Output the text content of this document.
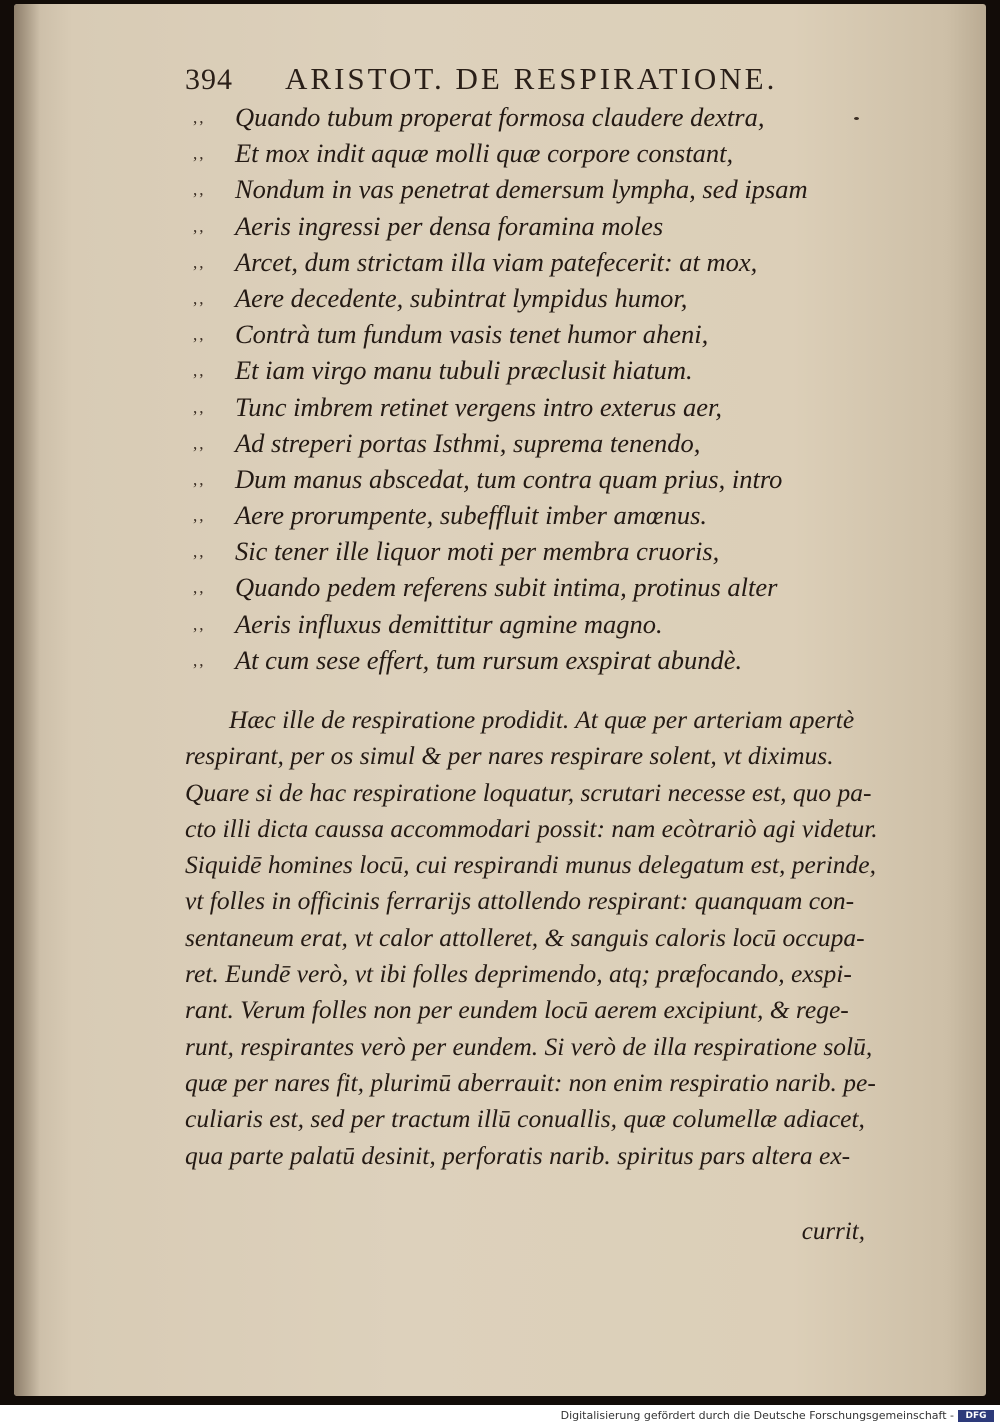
394 ARISTOT. DE RESPIRATIONE.
,, Quando tubum properat formosa claudere dextra,
,, Et mox indit aquæ molli quæ corpore constant,
,, Nondum in vas penetrat demersum lympha, sed ipsam
,, Aeris ingressi per densa foramina moles
,, Arcet, dum strictam illa viam patefecerit: at mox,
,, Aere decedente, subintrat lympidus humor,
,, Contrà tum fundum vasis tenet humor aheni,
,, Et iam virgo manu tubuli præclusit hiatum.
,, Tunc imbrem retinet vergens intro exterus aer,
,, Ad streperi portas Isthmi, suprema tenendo,
,, Dum manus abscedat, tum contra quam prius, intro
,, Aere prorumpente, subeffluit imber amœnus.
,, Sic tener ille liquor moti per membra cruoris,
,, Quando pedem referens subit intima, protinus alter
,, Aeris influxus demittitur agmine magno.
,, At cum sese effert, tum rursum exspirat abundè.
Hæc ille de respiratione prodidit. At quæ per arteriam apertè
respirant, per os simul & per nares respirare solent, vt diximus.
Quare si de hac respiratione loquatur, scrutari necesse est, quo pa-
cto illi dicta caussa accommodari possit: nam ecòtrariò agi videtur.
Siquidē homines locū, cui respirandi munus delegatum est, perinde,
vt folles in officinis ferrarijs attollendo respirant: quanquam con-
sentaneum erat, vt calor attolleret, & sanguis caloris locū occupa-
ret. Eundē verò, vt ibi folles deprimendo, atq; præfocando, exspi-
rant. Verum folles non per eundem locū aerem excipiunt, & rege-
runt, respirantes verò per eundem. Si verò de illa respiratione solū,
quæ per nares fit, plurimū aberrauit: non enim respiratio narib. pe-
culiaris est, sed per tractum illū conuallis, quæ columellæ adiacet,
qua parte palatū desinit, perforatis narib. spiritus pars altera ex-
currit,
Digitalisierung gefördert durch die Deutsche Forschungsgemeinschaft -	DFG
